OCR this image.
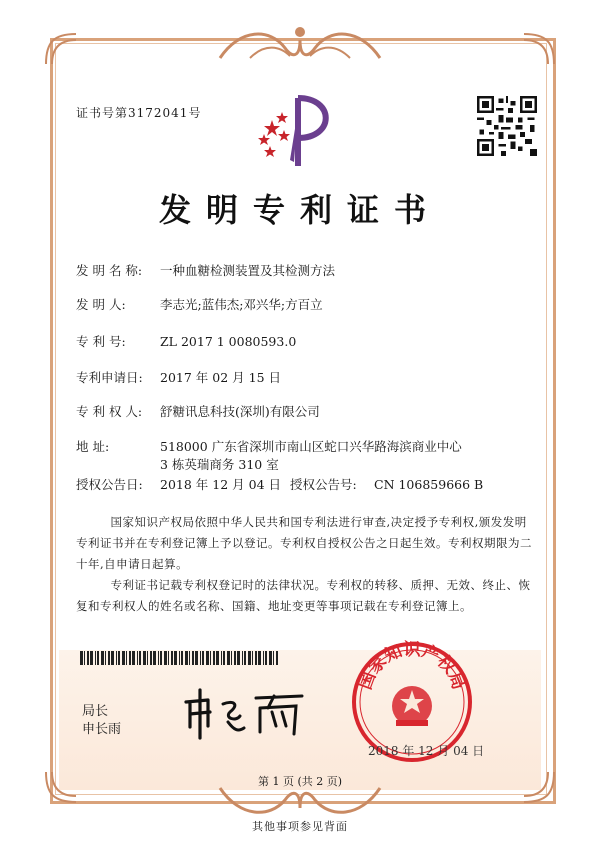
证书号第3172041号
发明专利证书
发 明 名 称: 一种血糖检测装置及其检测方法
发 明 人:	李志光;蓝伟杰;邓兴华;方百立
专 利 号:	ZL 2017 1 0080593.0
专利申请日: 2017 年 02 月 15 日
专 利 权 人: 舒糖讯息科技(深圳)有限公司
地 址:	518000 广东省深圳市南山区蛇口兴华路海滨商业中心 3 栋英瑞商务 310 室
授权公告日: 2018 年 12 月 04 日 授权公告号: CN 106859666 B
国家知识产权局依照中华人民共和国专利法进行审查,决定授予专利权,颁发发明专利证书并在专利登记簿上予以登记。专利权自授权公告之日起生效。专利权期限为二十年,自申请日起算。
专利证书记载专利权登记时的法律状况。专利权的转移、质押、无效、终止、恢复和专利权人的姓名或名称、国籍、地址变更等事项记载在专利登记簿上。
局长
申长雨
国家知识产权局
2018 年 12 月 04 日
第 1 页 (共 2 页)
其他事项参见背面
